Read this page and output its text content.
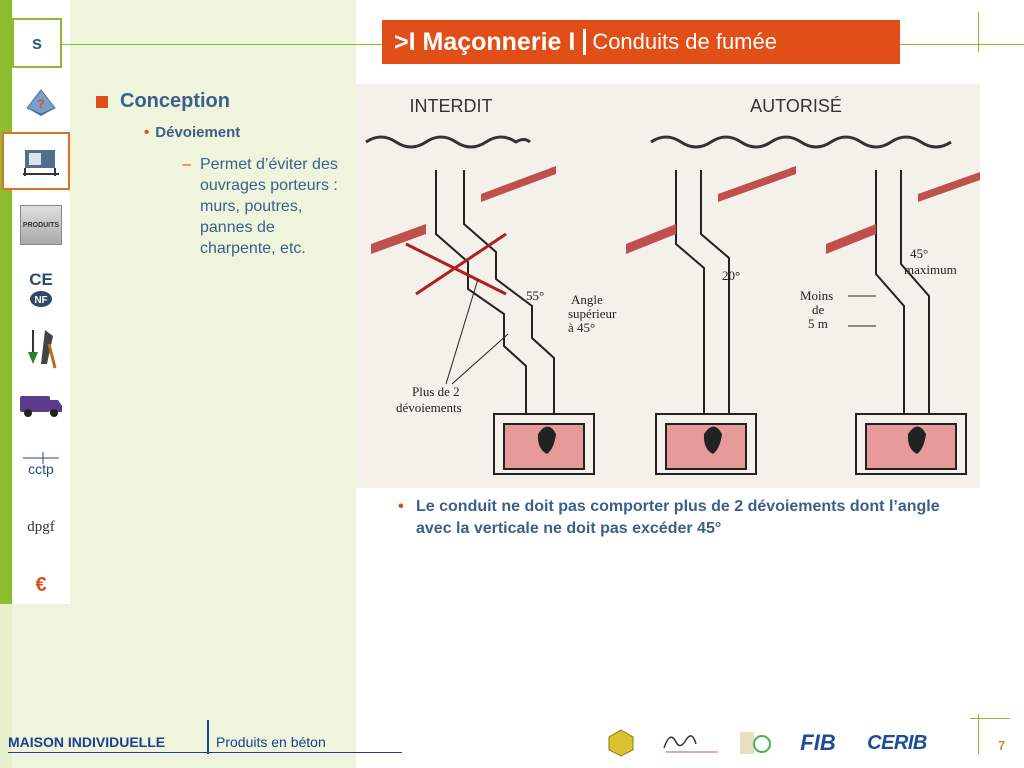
s
?
PRODUITS
CE
NF
cctp
dpgf
€
>I Maçonnerie I Conduits de fumée
Conception
• Dévoiement
– Permet d’éviter des ouvrages porteurs : murs, poutres, pannes de charpente, etc.
INTERDIT	AUTORISÉ
55° Angle
supérieur
à 45°
Plus de 2
dévoiements
20°
Moins
de
5 m
45°
maximum
• Le conduit ne doit pas comporter plus de 2 dévoiements dont l’angle avec la verticale ne doit pas excéder 45°
MAISON INDIVIDUELLE	Produits en béton	FIB CERIB	7
